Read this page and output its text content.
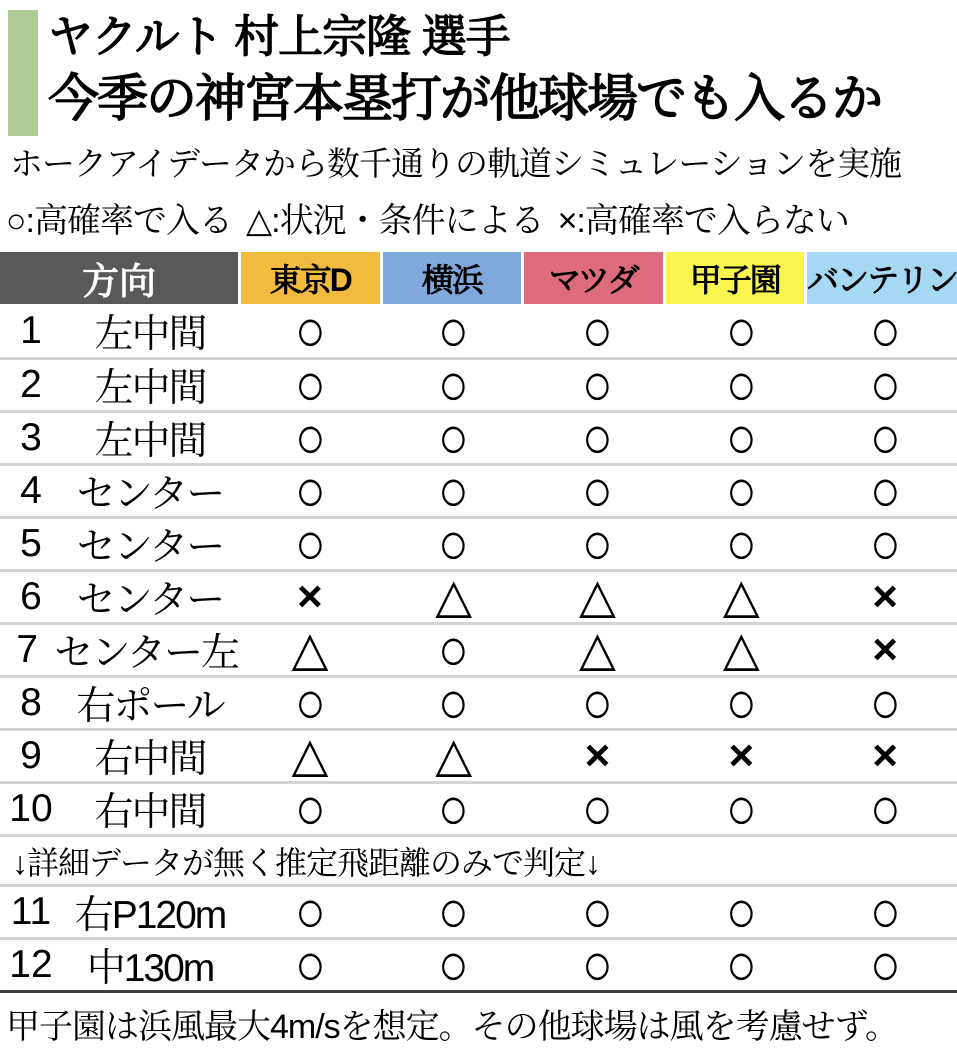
ヤクルト 村上宗隆 選手
今季の神宮本塁打が他球場でも入るか
ホークアイデータから数千通りの軌道シミュレーションを実施
○:高確率で入る △:状況・条件による ×:高確率で入らない
方向	東京D	横浜	マツダ	甲子園 バンテリン
1	左中間	○ ○ ○ ○ ○
2	左中間	○ ○ ○ ○ ○
3	左中間	○ ○ ○ ○ ○
4 センター ○ ○ ○ ○ ○
5 センター ○ ○ ○ ○ ○
6 センター	× △ △ △	×
7 センター左 △ ○ △ △	×
8 右ポール ○ ○ ○ ○ ○
9	右中間	△ △	×	×	×
10	右中間	○ ○ ○ ○ ○
↓詳細データが無く推定飛距離のみで判定↓
11 右P120m ○ ○ ○ ○ ○
12 中130m	○ ○ ○ ○ ○
甲子園は浜風最大4m/sを想定。その他球場は風を考慮せず。
